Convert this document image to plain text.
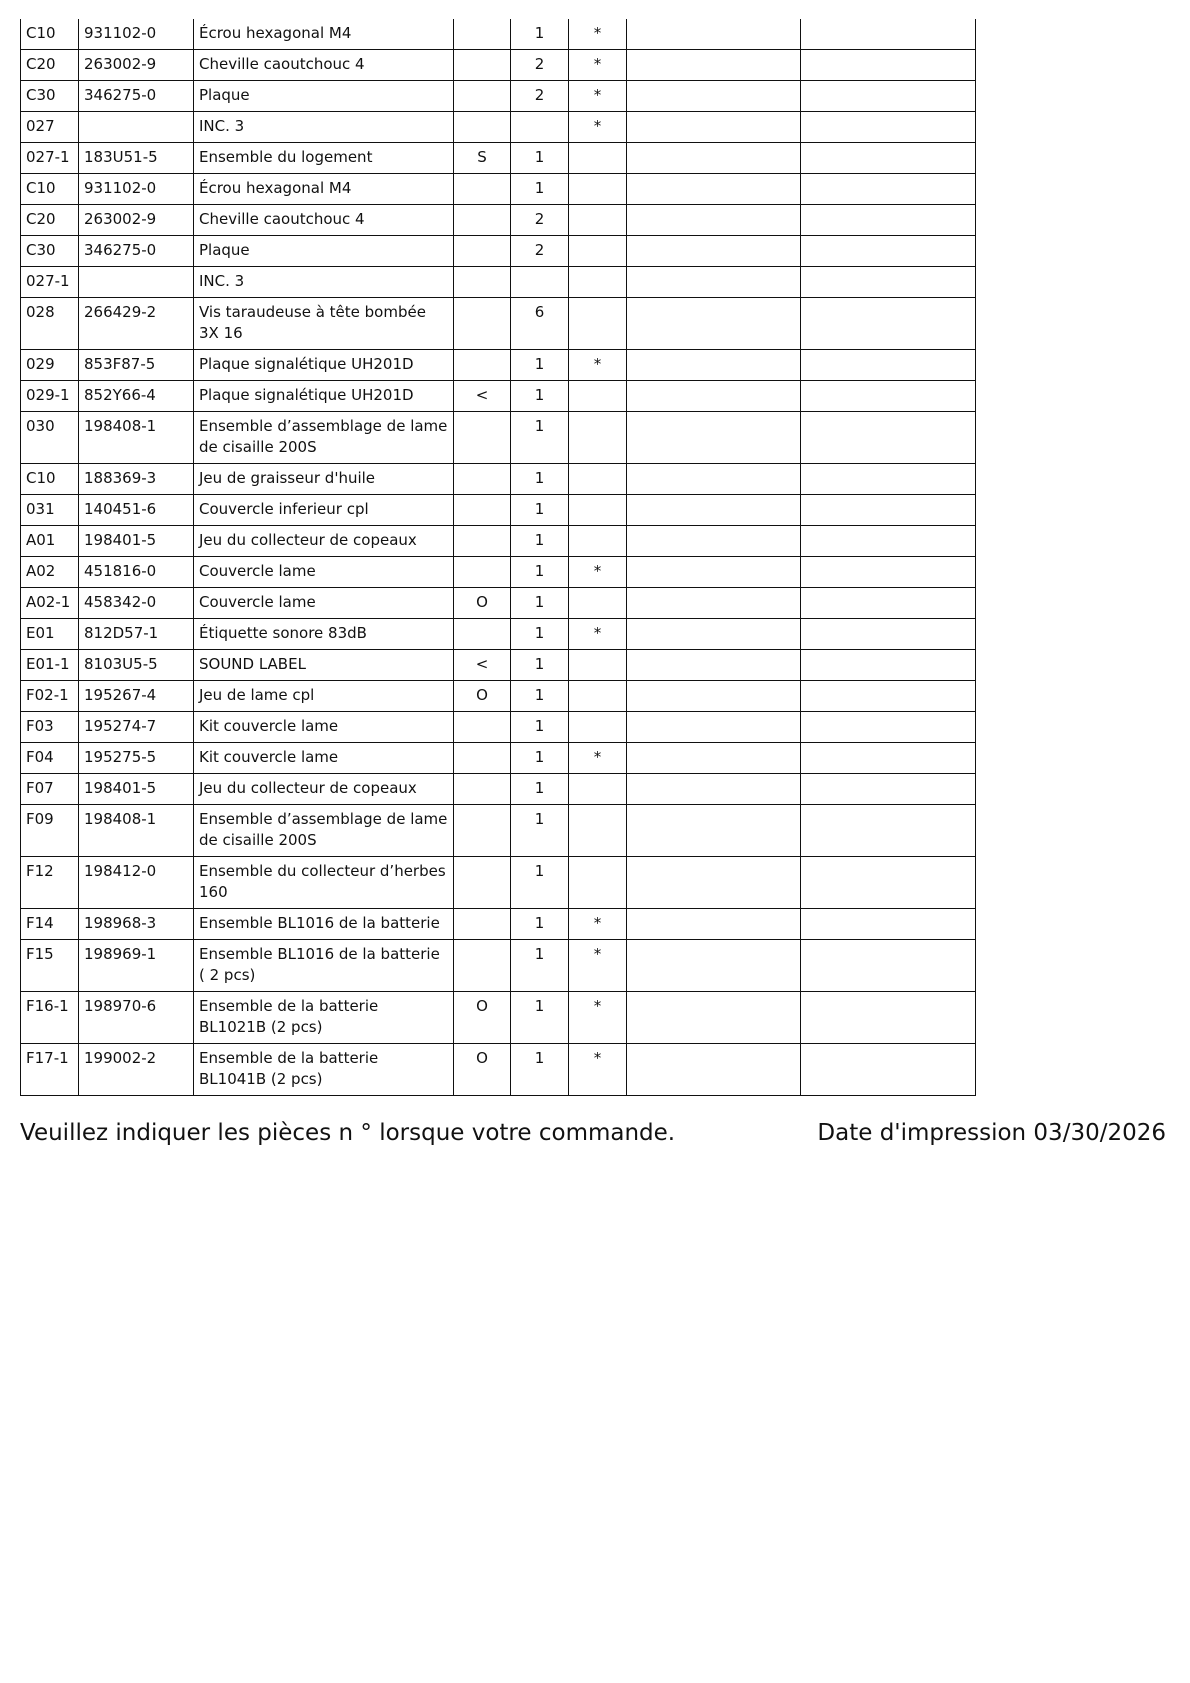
C10	931102-0	Écrou hexagonal M4		1	*		
C20	263002-9	Cheville caoutchouc 4		2	*		
C30	346275-0	Plaque		2	*		
027		INC. 3			*		
027-1	183U51-5	Ensemble du logement	S	1			
C10	931102-0	Écrou hexagonal M4		1			
C20	263002-9	Cheville caoutchouc 4		2			
C30	346275-0	Plaque		2			
027-1		INC. 3					
028	266429-2	Vis taraudeuse à tête bombée 3X 16		6			
029	853F87-5	Plaque signalétique UH201D		1	*		
029-1	852Y66-4	Plaque signalétique UH201D	<	1			
030	198408-1	Ensemble d’assemblage de lame de cisaille 200S		1			
C10	188369-3	Jeu de graisseur d'huile		1			
031	140451-6	Couvercle inferieur cpl		1			
A01	198401-5	Jeu du collecteur de copeaux		1			
A02	451816-0	Couvercle lame		1	*		
A02-1	458342-0	Couvercle lame	O	1			
E01	812D57-1	Étiquette sonore 83dB		1	*		
E01-1	8103U5-5	SOUND LABEL	<	1			
F02-1	195267-4	Jeu de lame cpl	O	1			
F03	195274-7	Kit couvercle lame		1			
F04	195275-5	Kit couvercle lame		1	*		
F07	198401-5	Jeu du collecteur de copeaux		1			
F09	198408-1	Ensemble d’assemblage de lame de cisaille 200S		1			
F12	198412-0	Ensemble du collecteur d’herbes 160		1			
F14	198968-3	Ensemble BL1016 de la batterie		1	*		
F15	198969-1	Ensemble BL1016 de la batterie ( 2 pcs)		1	*		
F16-1	198970-6	Ensemble de la batterie BL1021B (2 pcs)	O	1	*		
F17-1	199002-2	Ensemble de la batterie BL1041B (2 pcs)	O	1	*		
Veuillez indiquer les pièces n ° lorsque votre commande.	Date d'impression 03/30/2026
